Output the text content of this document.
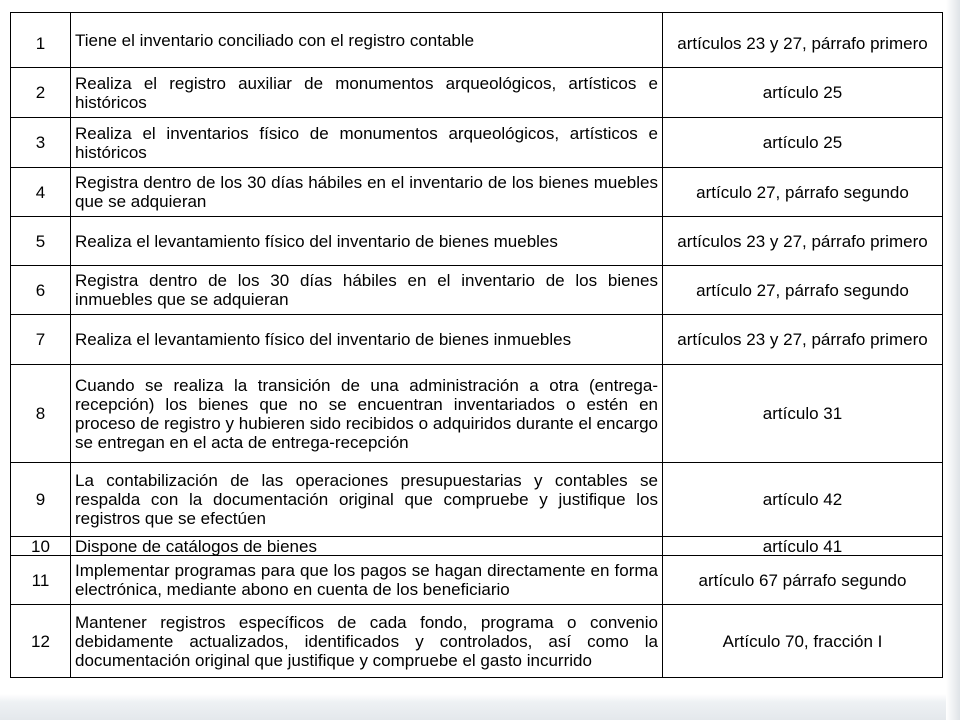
1	Tiene el inventario conciliado con el registro contable	artículos 23 y 27, párrafo primero
2	Realiza el registro auxiliar de monumentos arqueológicos, artísticos e históricos	artículo 25
3	Realiza el inventarios físico de monumentos arqueológicos, artísticos e históricos	artículo 25
4	Registra dentro de los 30 días hábiles en el inventario de los bienes muebles que se adquieran	artículo 27, párrafo segundo
5	Realiza el levantamiento físico del inventario de bienes muebles	artículos 23 y 27, párrafo primero
6	Registra dentro de los 30 días hábiles en el inventario de los bienes inmuebles que se adquieran	artículo 27, párrafo segundo
7	Realiza el levantamiento físico del inventario de bienes inmuebles	artículos 23 y 27, párrafo primero
8	Cuando se realiza la transición de una administración a otra (entrega-recepción) los bienes que no se encuentran inventariados o estén en proceso de registro y hubieren sido recibidos o adquiridos durante el encargo se entregan en el acta de entrega-recepción	artículo 31
9	La contabilización de las operaciones presupuestarias y contables se respalda con la documentación original que compruebe y justifique los registros que se efectúen	artículo 42
10	Dispone de catálogos de bienes	artículo 41
11	Implementar programas para que los pagos se hagan directamente en forma electrónica, mediante abono en cuenta de los beneficiario	artículo 67 párrafo segundo
12	Mantener registros específicos de cada fondo, programa o convenio debidamente actualizados, identificados y controlados, así como la documentación original que justifique y compruebe el gasto incurrido	Artículo 70, fracción I
